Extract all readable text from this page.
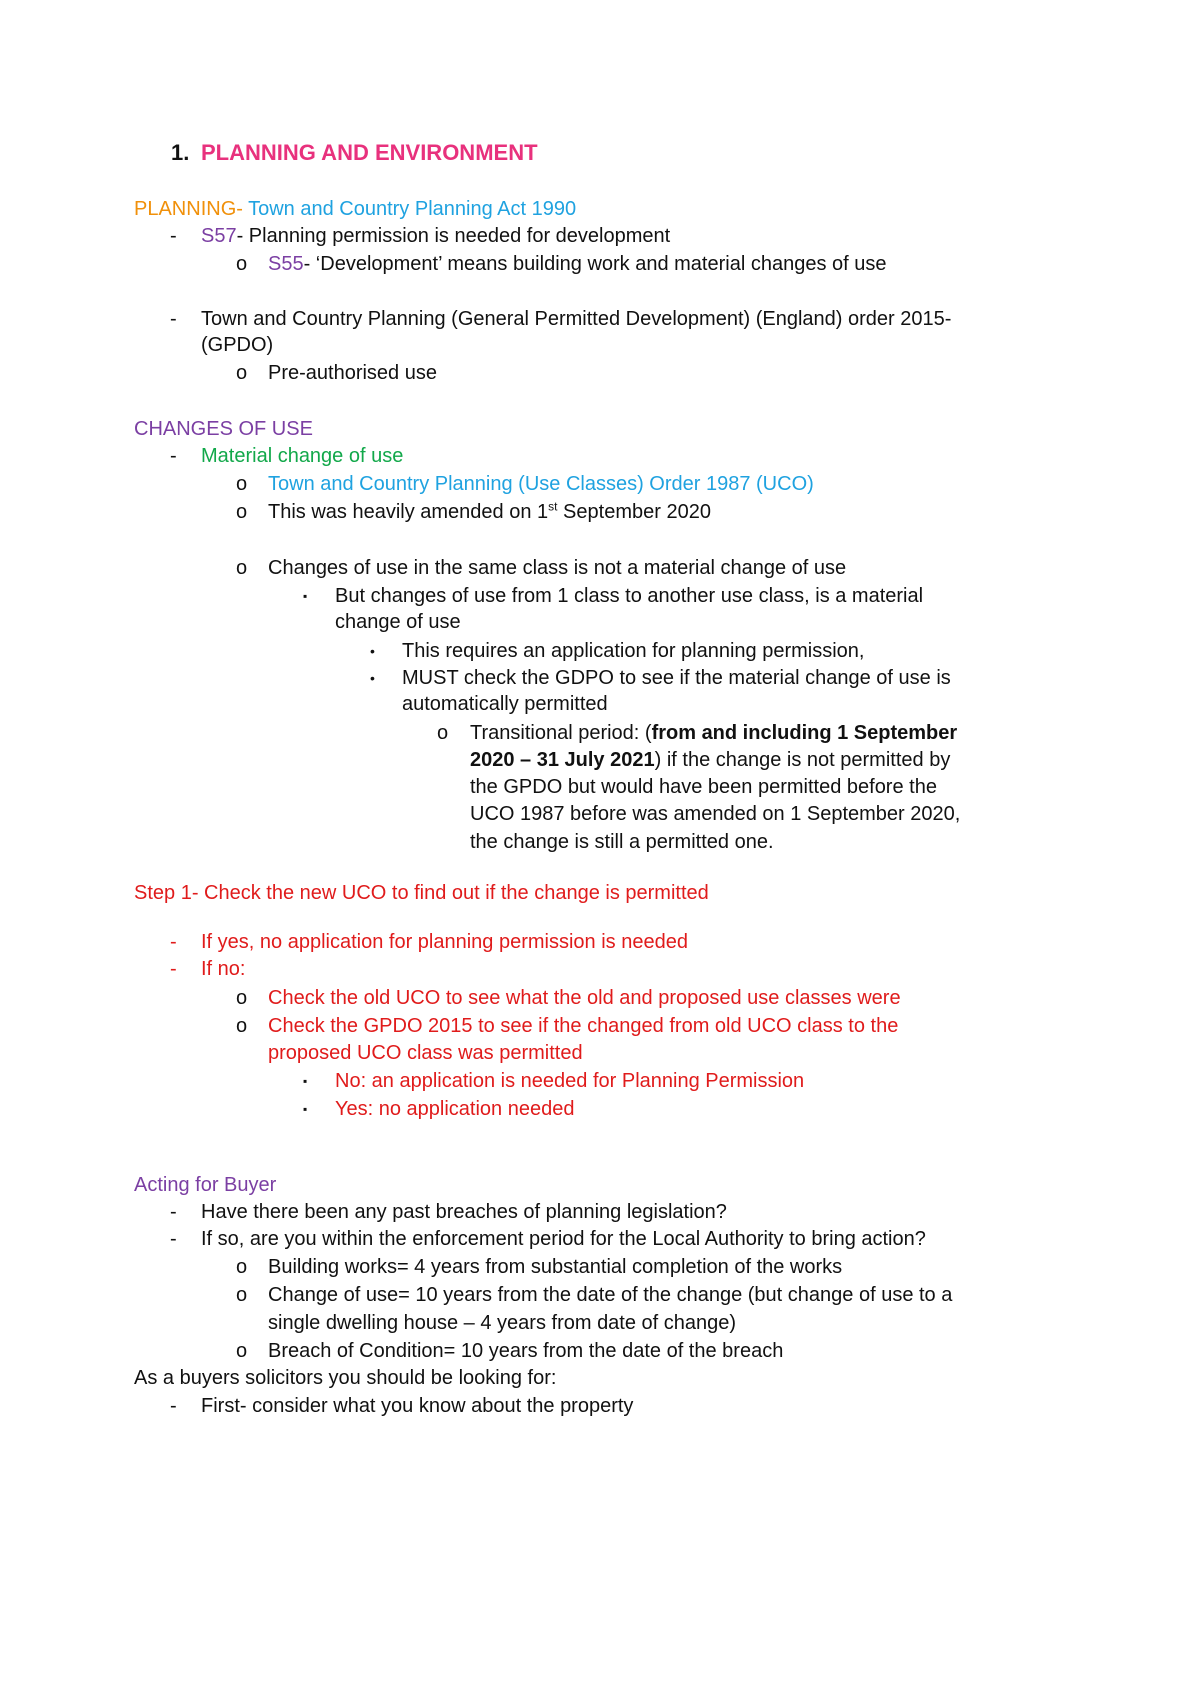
1. PLANNING AND ENVIRONMENT
PLANNING- Town and Country Planning Act 1990
- S57- Planning permission is needed for development
o S55- ‘Development’ means building work and material changes of use
- Town and Country Planning (General Permitted Development) (England) order 2015-
(GPDO)
o Pre-authorised use
CHANGES OF USE
- Material change of use
o Town and Country Planning (Use Classes) Order 1987 (UCO)
o This was heavily amended on 1st September 2020
o Changes of use in the same class is not a material change of use
▪ But changes of use from 1 class to another use class, is a material
change of use
• This requires an application for planning permission,
• MUST check the GDPO to see if the material change of use is
automatically permitted
o Transitional period: (from and including 1 September
2020 – 31 July 2021) if the change is not permitted by
the GPDO but would have been permitted before the
UCO 1987 before was amended on 1 September 2020,
the change is still a permitted one.
Step 1- Check the new UCO to find out if the change is permitted
- If yes, no application for planning permission is needed
- If no:
o Check the old UCO to see what the old and proposed use classes were
o Check the GPDO 2015 to see if the changed from old UCO class to the
proposed UCO class was permitted
▪ No: an application is needed for Planning Permission
▪ Yes: no application needed
Acting for Buyer
- Have there been any past breaches of planning legislation?
- If so, are you within the enforcement period for the Local Authority to bring action?
o Building works= 4 years from substantial completion of the works
o Change of use= 10 years from the date of the change (but change of use to a
single dwelling house – 4 years from date of change)
o Breach of Condition= 10 years from the date of the breach
As a buyers solicitors you should be looking for:
- First- consider what you know about the property
